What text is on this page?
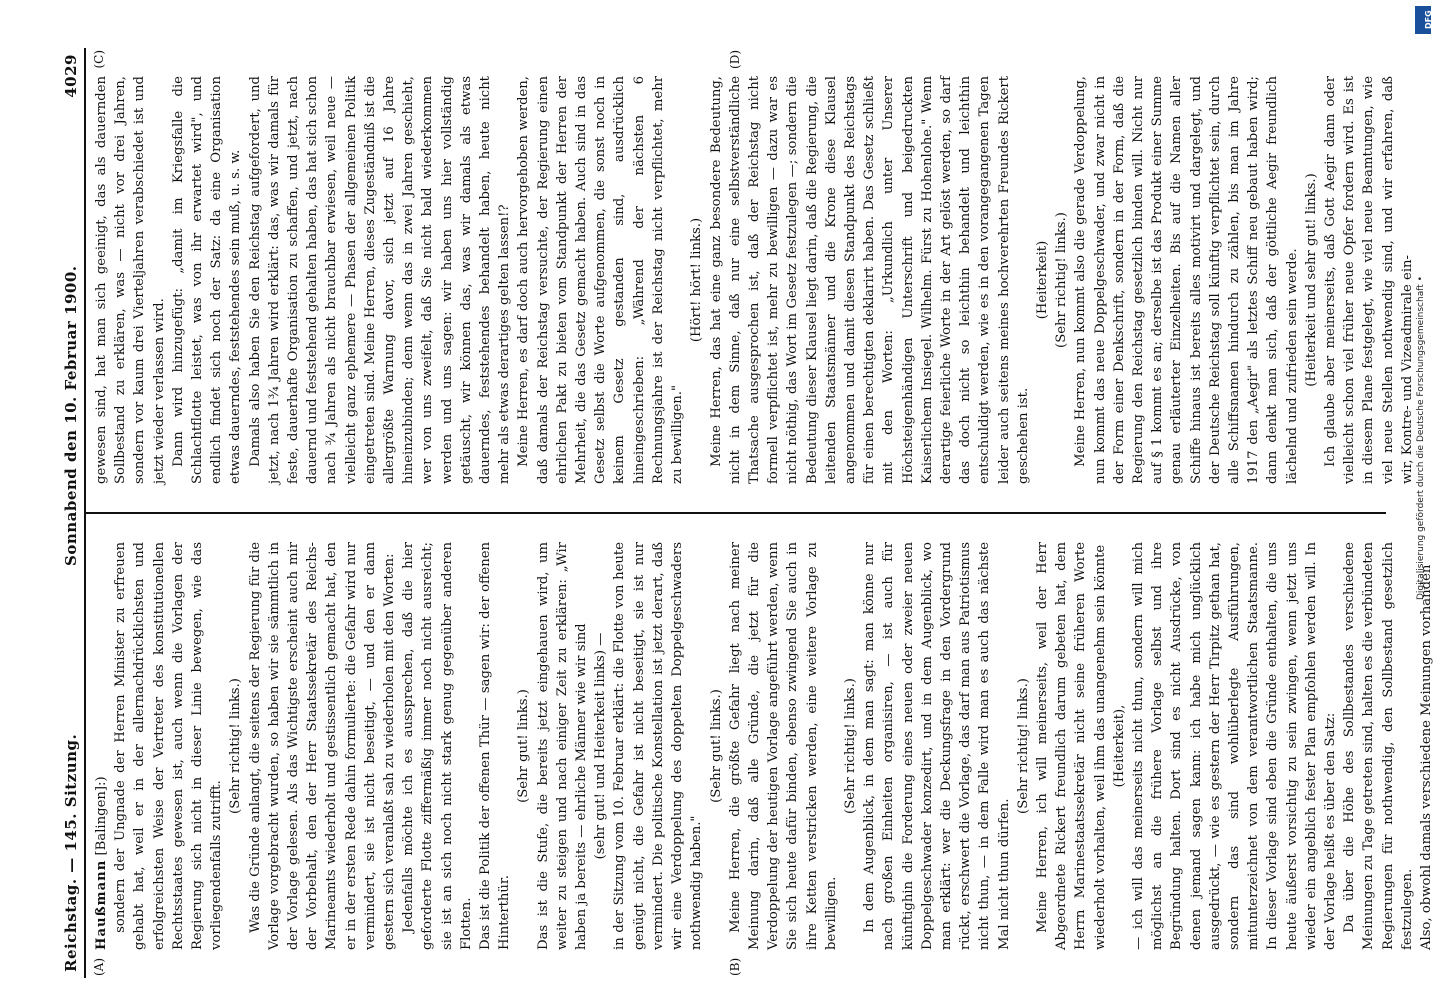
DFG
Digitalisierung gefördert durch die Deutsche Forschungsgemeinschaft •
Reichstag. — 145. Sitzung.
Sonnabend den 10. Februar 1900.
4029
(A)	(B)

Haußmann [Balingen]:) sondern der Ungnade der Herren Minister zu erfreuen gehabt hat, weil er in der allernachdrücklichsten und erfolgreichsten Weise der Vertreter des konstitutionellen Rechtsstaates gewesen ist, auch wenn die Vorlagen der Regierung sich nicht in dieser Linie bewegen, wie das vorliegendenfalls zutrifft.

(Sehr richtig! links.) Was die Gründe anlangt, die seitens der Regierung für die Vorlage vorgebracht wurden, so haben wir sie sämmtlich in der Vorlage gelesen. Als das Wichtigste erscheint auch mir der Vorbehalt, den der Herr Staatssekretär des Reichs-Marineamts wiederholt und gestissentlich gemacht hat, den er in der ersten Rede dahin formulierte: die Gefahr wird nur vermindert, sie ist nicht beseitigt, — und den er dann gestern sich veranlaßt sah zu wiederholen mit den Worten: Jedenfalls möchte ich es aussprechen, daß die hier geforderte Flotte ziffermäßig immer noch nicht ausreicht; sie ist an sich noch nicht stark genug gegenüber anderen Flotten. Das ist die Politik der offenen Thür — sagen wir: der offenen Hinterthür.

(Sehr gut! links.) Das ist die Stufe, die bereits jetzt eingehauen wird, um weiter zu steigen und nach einiger Zeit zu erklären: „Wir haben ja bereits — ehrliche Männer wie wir sind (sehr gut! und Heiterkeit links) — in der Sitzung vom 10. Februar erklärt: die Flotte von heute genügt nicht, die Gefahr ist nicht beseitigt, sie ist nur vermindert. Die politische Konstellation ist jetzt derart, daß wir eine Verdoppelung des doppelten Doppelgeschwaders nothwendig haben."

(Sehr gut! links.) Meine Herren, die größte Gefahr liegt nach meiner Meinung darin, daß alle Gründe, die jetzt für die Verdoppelung der heutigen Vorlage angeführt werden, wenn Sie sich heute dafür binden, ebenso zwingend Sie auch in ihre Ketten verstricken werden, eine weitere Vorlage zu bewilligen.

(Sehr richtig! links.) In dem Augenblick, in dem man sagt: man könne nur nach großen Einheiten organisiren, — ist auch für künftighin die Forderung eines neuen oder zweier neuen Doppelgeschwader konzedirt, und in dem Augenblick, wo man erklärt: wer die Deckungsfrage in den Vordergrund rückt, erschwert die Vorlage, das darf man aus Patriotismus nicht thun, — in dem Falle wird man es auch das nächste Mal nicht thun dürfen.

(Sehr richtig! links.) Meine Herren, ich will meinerseits, weil der Herr Abgeordnete Rickert freundlich darum gebeten hat, dem Herrn Marinestaatssekretär nicht seine früheren Worte wiederholt vorhalten, weil ihm das unangenehm sein könnte (Heiterkeit), — ich will das meinerseits nicht thun, sondern will mich möglichst an die frühere Vorlage selbst und ihre Begründung halten. Dort sind es nicht Ausdrücke, von denen jemand sagen kann: ich habe mich unglücklich ausgedrückt, — wie es gestern der Herr Tirpitz gethan hat, sondern das sind wohlüberlegte Ausführungen, mitunterzeichnet von dem verantwortlichen Staatsmanne. In dieser Vorlage sind eben die Gründe enthalten, die uns heute äußerst vorsichtig zu sein zwingen, wenn jetzt uns wieder ein angeblich fester Plan empfohlen werden will. In der Vorlage heißt es über den Satz: Da über die Höhe des Sollbestandes verschiedene Meinungen zu Tage getreten sind, halten es die verbündeten Regierungen für nothwendig, den Sollbestand gesetzlich festzulegen. Also, obwohl damals verschiedene Meinungen vorhanden

(C)	(D)

gewesen sind, hat man sich geeinigt, das als dauernden Sollbestand zu erklären, was — nicht vor drei Jahren, sondern vor kaum drei Vierteljahren verabschiedet ist und jetzt wieder verlassen wird. Dann wird hinzugefügt: „damit im Kriegsfalle die Schlachtflotte leistet, was von ihr erwartet wird", und endlich findet sich noch der Satz: da eine Organisation etwas dauerndes, feststehendes sein muß, u. s. w. Damals also haben Sie den Reichstag aufgefordert, und jetzt, nach 1¾ Jahren wird erklärt: das, was wir damals für feste, dauerhafte Organisation zu schaffen, und jetzt, nach dauernd und feststehend gehalten haben, das hat sich schon nach ¾ Jahren als nicht brauchbar erwiesen, weil neue — vielleicht ganz ephemere — Phasen der allgemeinen Politik eingetreten sind. Meine Herren, dieses Zugeständniß ist die allergrößte Warnung davor, sich jetzt auf 16 Jahre hineinzubinden; denn wenn das in zwei Jahren geschieht, wer von uns zweifelt, daß Sie nicht bald wiederkommen werden und uns sagen: wir haben uns hier vollständig getäuscht, wir können das, was wir damals als etwas dauerndes, feststehendes behandelt haben, heute nicht mehr als etwas derartiges gelten lassen!? Meine Herren, es darf doch auch hervorgehoben werden, daß damals der Reichstag versuchte, der Regierung einen ehrlichen Pakt zu bieten vom Standpunkt der Herren der Mehrheit, die das Gesetz gemacht haben. Auch sind in das Gesetz selbst die Worte aufgenommen, die sonst noch in keinem Gesetz gestanden sind, ausdrücklich hineingeschrieben: „Während der nächsten 6 Rechnungsjahre ist der Reichstag nicht verpflichtet, mehr zu bewilligen."

(Hört! hört! links.) Meine Herren, das hat eine ganz besondere Bedeutung, nicht in dem Sinne, daß nur eine selbstverständliche Thatsache ausgesprochen ist, daß der Reichstag nicht formell verpflichtet ist, mehr zu bewilligen — dazu war es nicht nöthig, das Wort im Gesetz festzulegen —; sondern die Bedeutung dieser Klausel liegt darin, daß die Regierung, die leitenden Staatsmänner und die Krone diese Klausel angenommen und damit diesen Standpunkt des Reichstags für einen berechtigten deklarirt haben. Das Gesetz schließt mit den Worten: „Urkundlich unter Unserer Höchsteigenhändigen Unterschrift und beigedruckten Kaiserlichem Insiegel. Wilhelm. Fürst zu Hohenlohe." Wenn derartige feierliche Worte in der Art gelöst werden, so darf das doch nicht so leichthin behandelt und leichthin entschuldigt werden, wie es in den vorangegangenen Tagen leider auch seitens meines hochverehrten Freundes Rickert geschehen ist.

(Heiterkeit) (Sehr richtig! links.) Meine Herren, nun kommt also die gerade Verdoppelung, nun kommt das neue Doppelgeschwader, und zwar nicht in der Form einer Denkschrift, sondern in der Form, daß die Regierung den Reichstag gesetzlich binden will. Nicht nur auf § 1 kommt es an; derselbe ist das Produkt einer Summe genau erläuterter Einzelheiten. Bis auf die Namen aller Schiffe hinaus ist bereits alles motivirt und dargelegt, und der Deutsche Reichstag soll künftig verpflichtet sein, durch alle Schiffsnamen hindurch zu zählen, bis man im Jahre 1917 den „Aegir" als letztes Schiff neu gebaut haben wird; dann denkt man sich, daß der göttliche Aegir freundlich lächelnd und zufrieden sein werde. (Heiterkeit und sehr gut! links.) Ich glaube aber meinerseits, daß Gott Aegir dann oder vielleicht schon viel früher neue Opfer fordern wird. Es ist in diesem Plane festgelegt, wie viel neue Beamtungen, wie viel neue Stellen nothwendig sind, und wir erfahren, daß wir, Kontre- und Vizeadmirale ein-
